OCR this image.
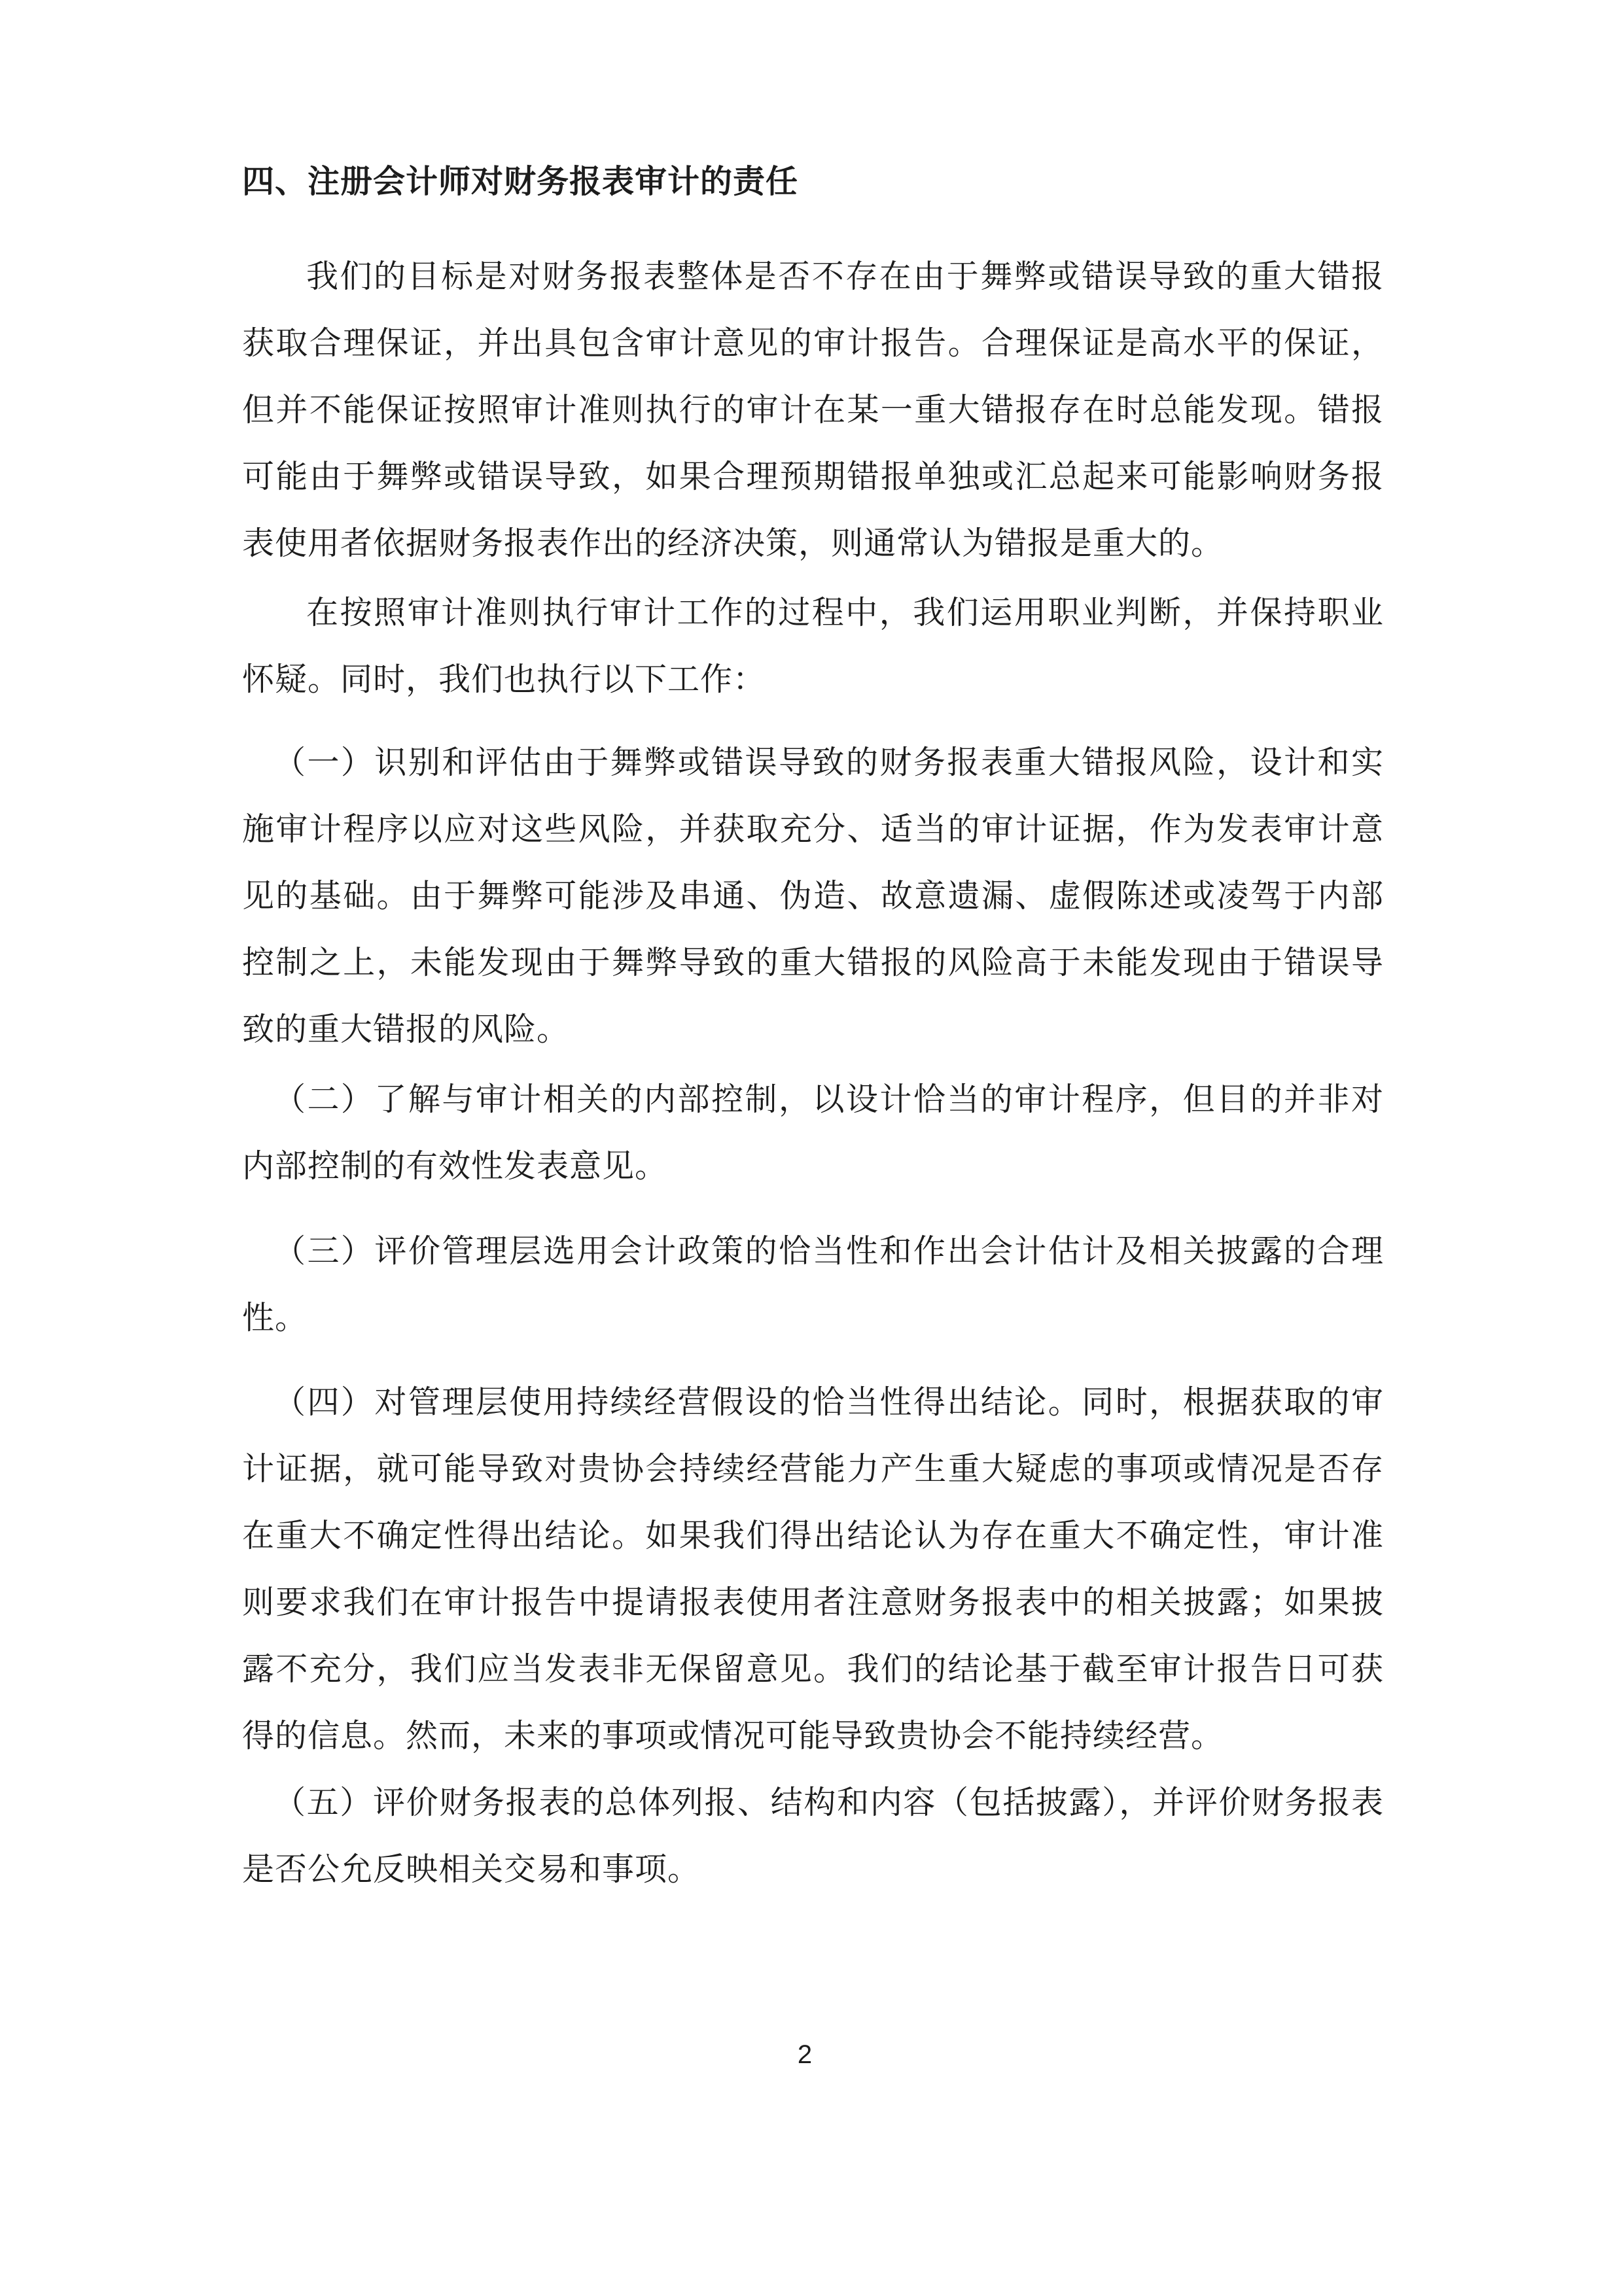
四、注册会计师对财务报表审计的责任

我们的目标是对财务报表整体是否不存在由于舞弊或错误导致的重大错报获取合理保证，并出具包含审计意见的审计报告。合理保证是高水平的保证，但并不能保证按照审计准则执行的审计在某一重大错报存在时总能发现。错报可能由于舞弊或错误导致，如果合理预期错报单独或汇总起来可能影响财务报表使用者依据财务报表作出的经济决策，则通常认为错报是重大的。

在按照审计准则执行审计工作的过程中，我们运用职业判断，并保持职业怀疑。同时，我们也执行以下工作：

（一）识别和评估由于舞弊或错误导致的财务报表重大错报风险，设计和实施审计程序以应对这些风险，并获取充分、适当的审计证据，作为发表审计意见的基础。由于舞弊可能涉及串通、伪造、故意遗漏、虚假陈述或凌驾于内部控制之上，未能发现由于舞弊导致的重大错报的风险高于未能发现由于错误导致的重大错报的风险。

（二）了解与审计相关的内部控制，以设计恰当的审计程序，但目的并非对内部控制的有效性发表意见。

（三）评价管理层选用会计政策的恰当性和作出会计估计及相关披露的合理性。

（四）对管理层使用持续经营假设的恰当性得出结论。同时，根据获取的审计证据，就可能导致对贵协会持续经营能力产生重大疑虑的事项或情况是否存在重大不确定性得出结论。如果我们得出结论认为存在重大不确定性，审计准则要求我们在审计报告中提请报表使用者注意财务报表中的相关披露；如果披露不充分，我们应当发表非无保留意见。我们的结论基于截至审计报告日可获得的信息。然而，未来的事项或情况可能导致贵协会不能持续经营。

（五）评价财务报表的总体列报、结构和内容（包括披露），并评价财务报表是否公允反映相关交易和事项。

2
